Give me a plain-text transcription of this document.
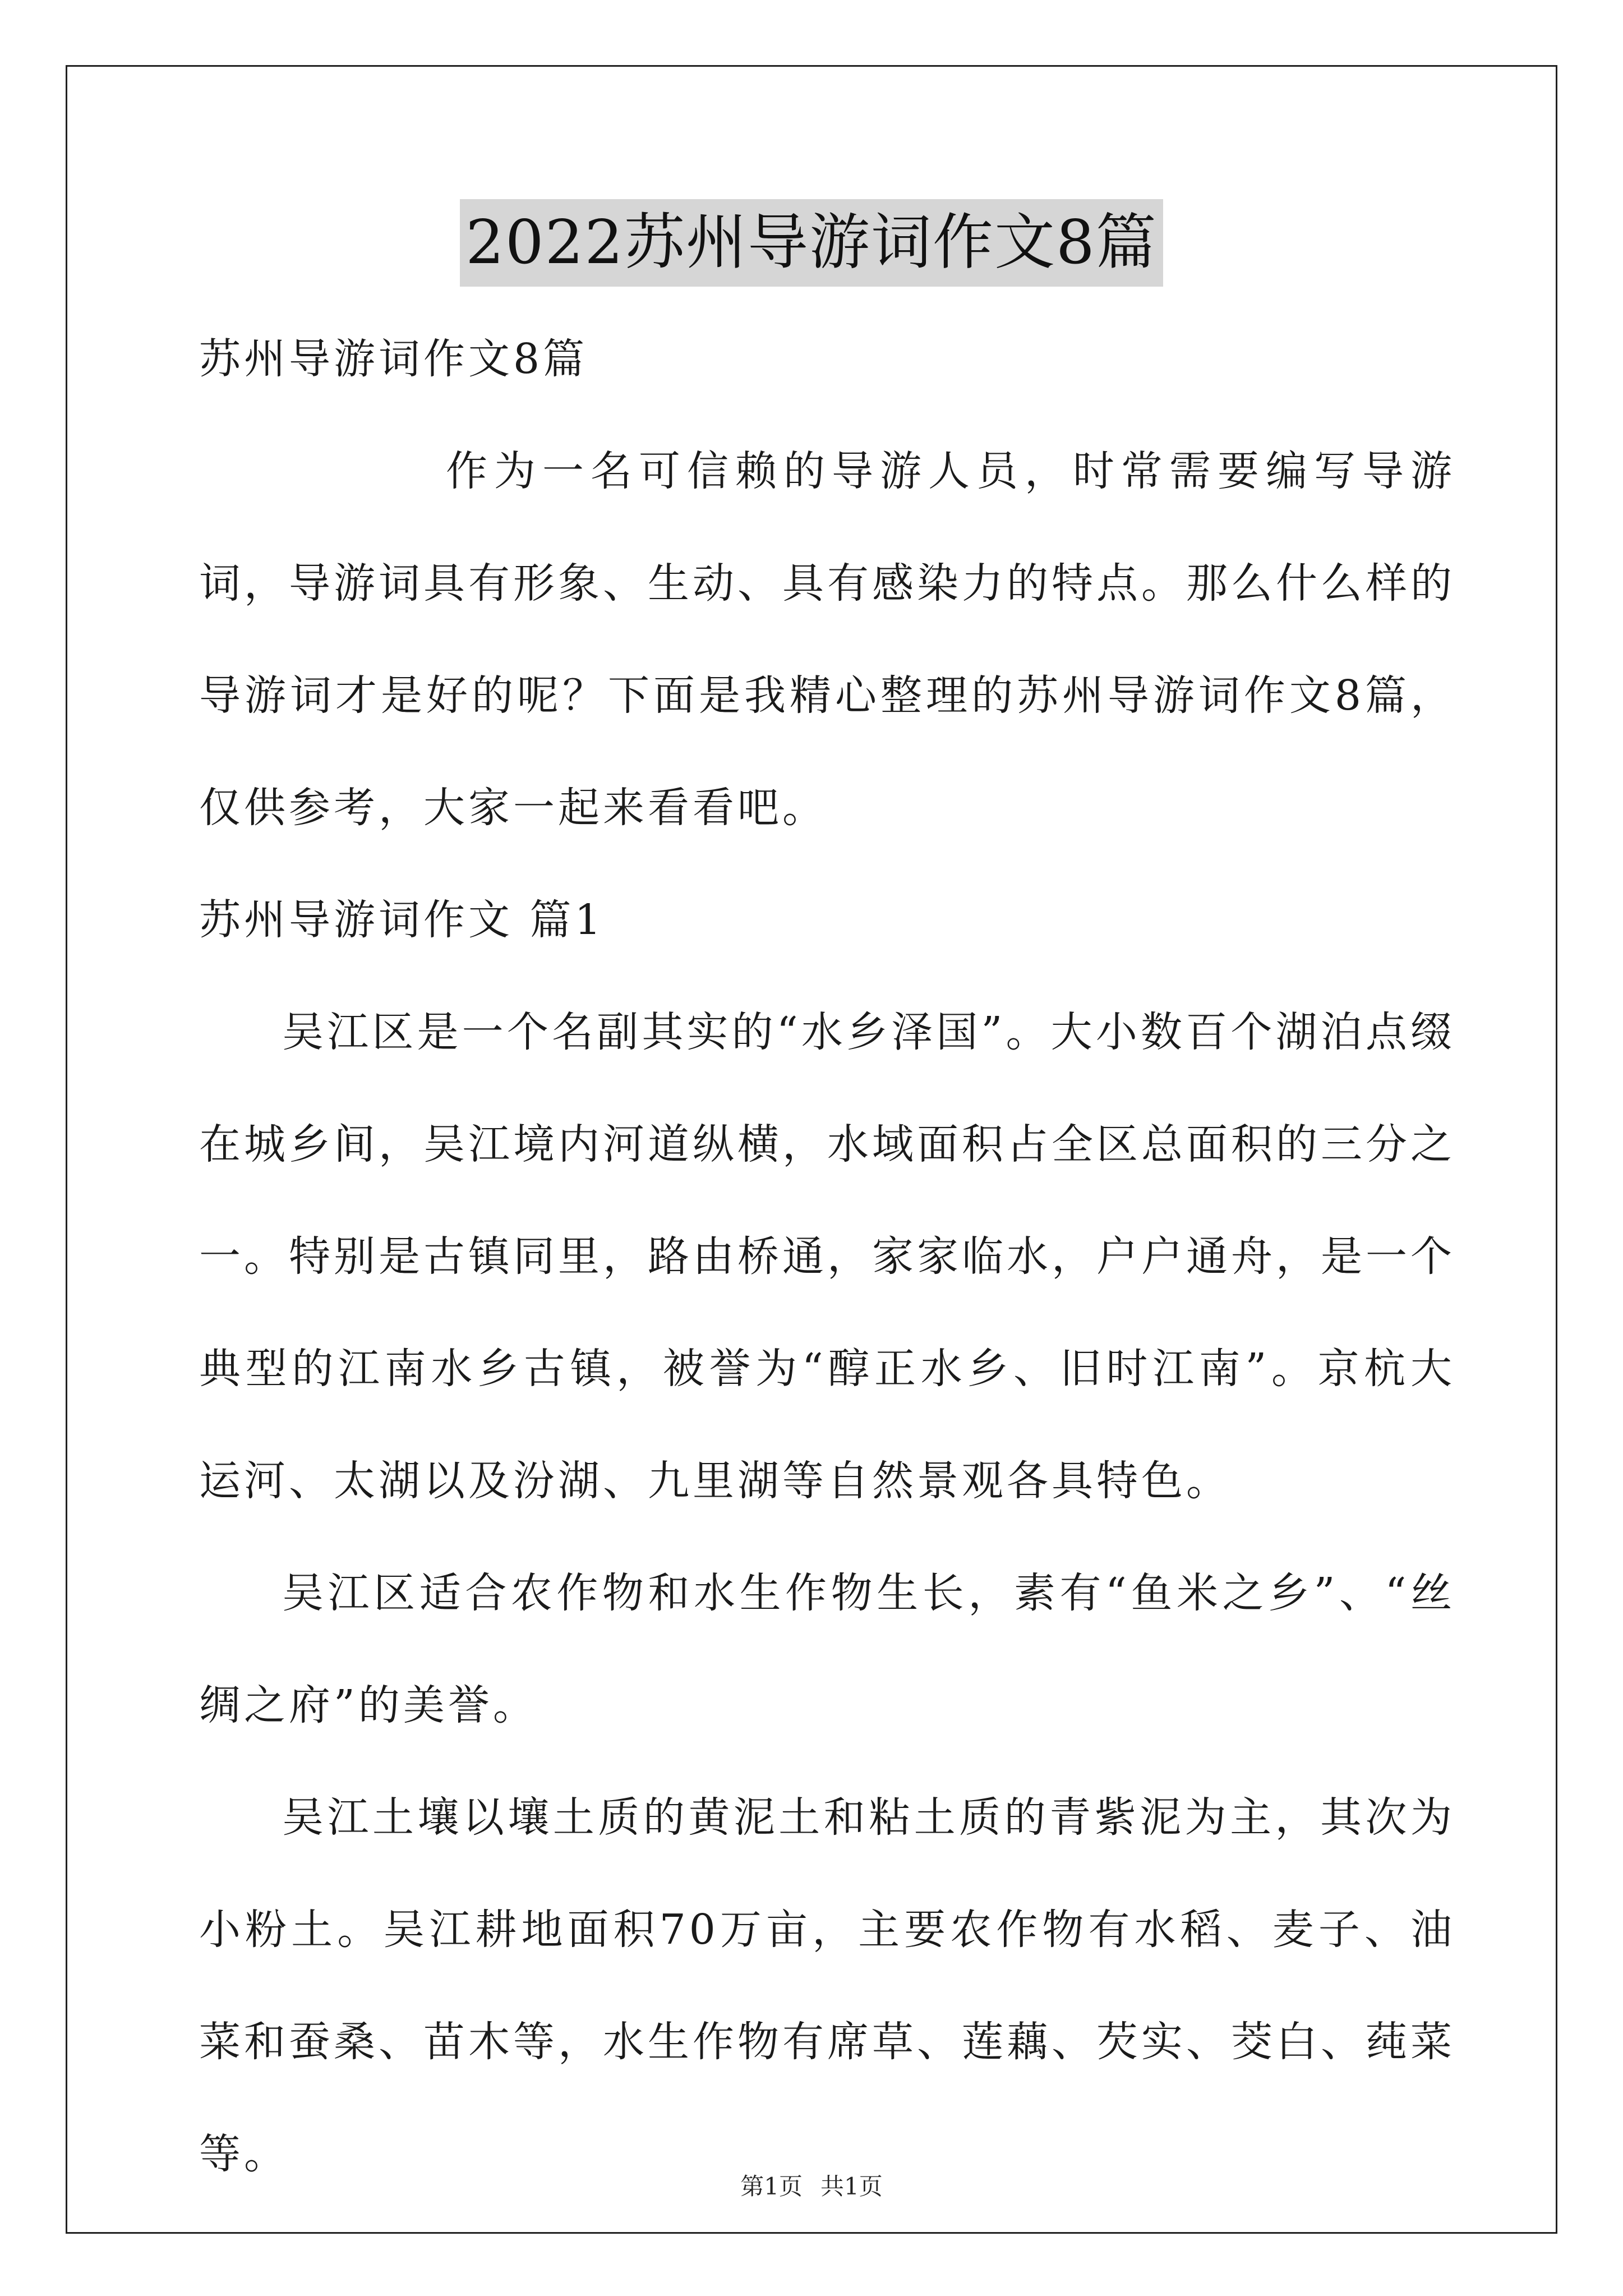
2022苏州导游词作文8篇
苏州导游词作文8篇
作为一名可信赖的导游人员，时常需要编写导游词，导游词具有形象、生动、具有感染力的特点。那么什么样的导游词才是好的呢？下面是我精心整理的苏州导游词作文8篇，仅供参考，大家一起来看看吧。
苏州导游词作文 篇1
吴江区是一个名副其实的“水乡泽国”。大小数百个湖泊点缀在城乡间，吴江境内河道纵横，水域面积占全区总面积的三分之一。特别是古镇同里，路由桥通，家家临水，户户通舟，是一个典型的江南水乡古镇，被誉为“醇正水乡、旧时江南”。京杭大运河、太湖以及汾湖、九里湖等自然景观各具特色。
吴江区适合农作物和水生作物生长，素有“鱼米之乡”、“丝绸之府”的美誉。
吴江土壤以壤土质的黄泥土和粘土质的青紫泥为主，其次为小粉土。吴江耕地面积70万亩，主要农作物有水稻、麦子、油菜和蚕桑、苗木等，水生作物有席草、莲藕、芡实、茭白、莼菜等。
第1页 共1页
